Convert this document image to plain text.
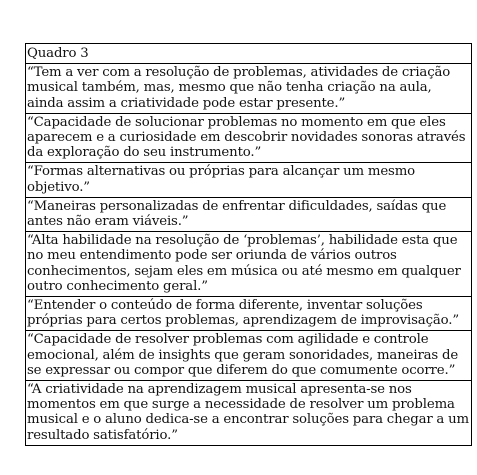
Quadro 3
“Tem a ver com a resolução de problemas, atividades de criação musical também, mas, mesmo que não tenha criação na aula, ainda assim a criatividade pode estar presente.”
“Capacidade de solucionar problemas no momento em que eles aparecem e a curiosidade em descobrir novidades sonoras através da exploração do seu instrumento.”
“Formas alternativas ou próprias para alcançar um mesmo objetivo.”
“Maneiras personalizadas de enfrentar dificuldades, saídas que antes não eram viáveis.”
“Alta habilidade na resolução de ‘problemas’, habilidade esta que no meu entendimento pode ser oriunda de vários outros conhecimentos, sejam eles em música ou até mesmo em qualquer outro conhecimento geral.”
“Entender o conteúdo de forma diferente, inventar soluções próprias para certos problemas, aprendizagem de improvisação.”
“Capacidade de resolver problemas com agilidade e controle emocional, além de insights que geram sonoridades, maneiras de se expressar ou compor que diferem do que comumente ocorre.”
“A criatividade na aprendizagem musical apresenta-se nos momentos em que surge a necessidade de resolver um problema musical e o aluno dedica-se a encontrar soluções para chegar a um resultado satisfatório.”
